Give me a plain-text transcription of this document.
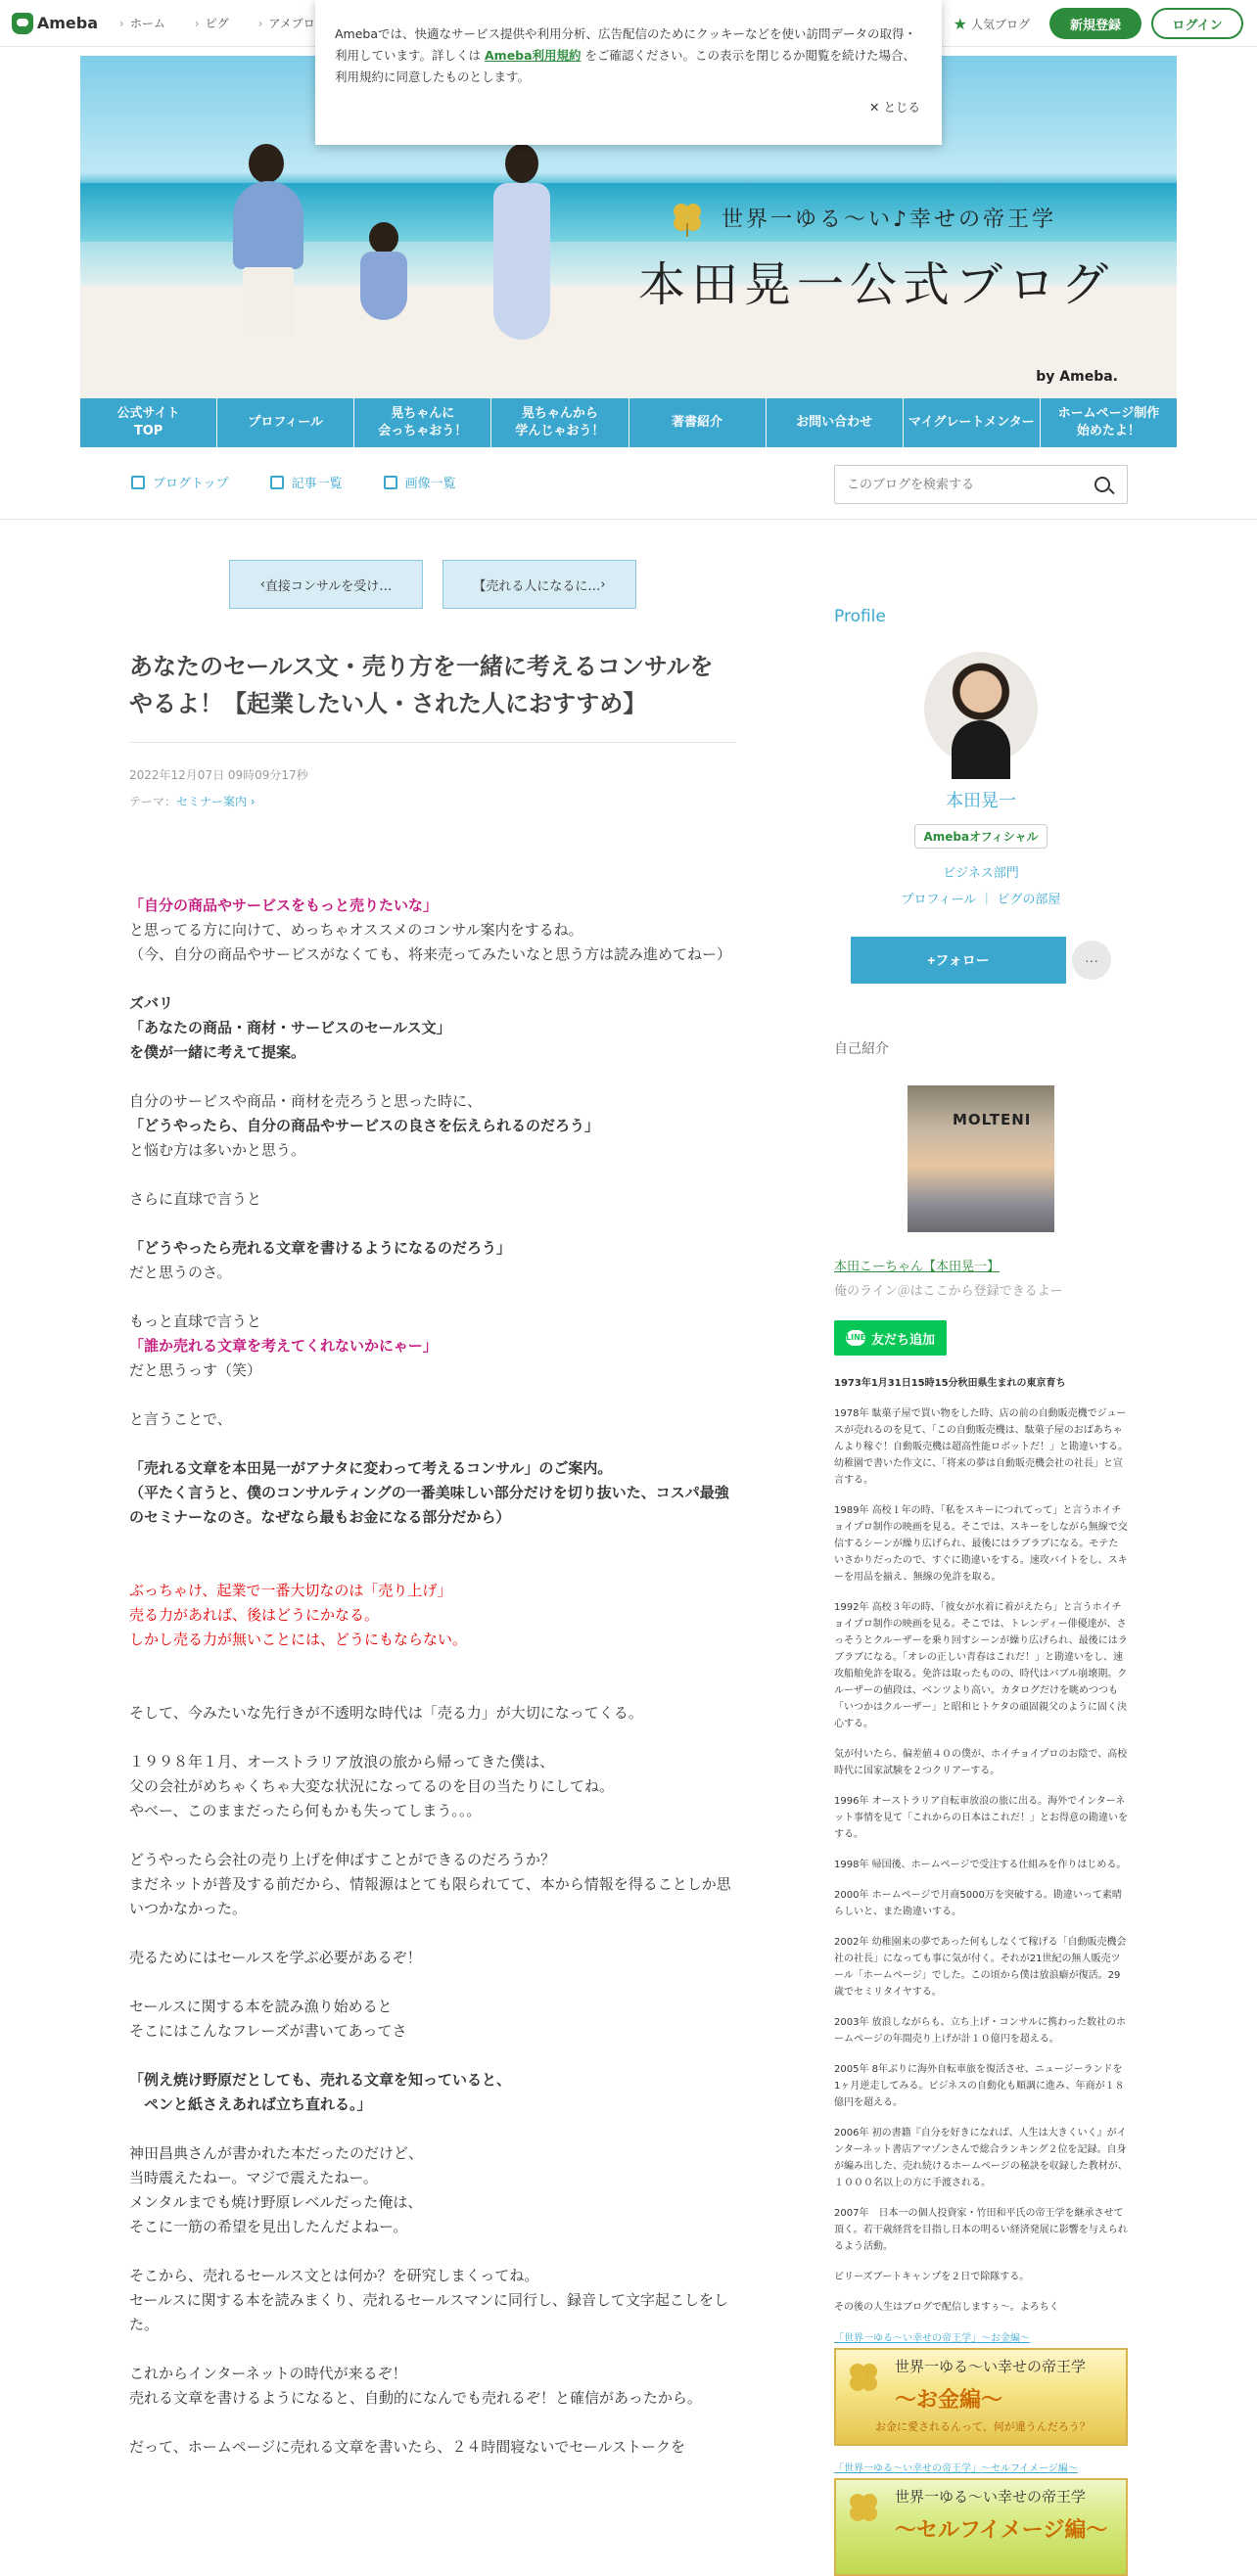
Ameba	› ホーム	› ピグ	› アメブロ	★ 人気ブログ	新規登録	ログイン

Amebaでは、快適なサービス提供や利用分析、広告配信のためにクッキーなどを使い訪問データの取得・利用しています。詳しくは Ameba利用規約 をご確認ください。この表示を閉じるか閲覧を続けた場合、利用規約に同意したものとします。

✕ とじる
世界一ゆる〜い♪幸せの帝王学
本田晃一公式ブログ
by Ameba.
公式サイト
TOP
プロフィール
晃ちゃんに
会っちゃおう！
晃ちゃんから
学んじゃおう！
著書紹介	お問い合わせ	マイグレートメンター
ホームページ制作
始めたよ！
ブログトップ	記事一覧	画像一覧
このブログを検索する
‹ 直接コンサルを受け…	【売れる人になるに… ›
あなたのセールス文・売り方を一緒に考えるコンサルをやるよ！【起業したい人・された人におすすめ】
2022年12月07日 09時09分17秒
テーマ：セミナー案内 ›

「自分の商品やサービスをもっと売りたいな」
と思ってる方に向けて、めっちゃオススメのコンサル案内をするね。
（今、自分の商品やサービスがなくても、将来売ってみたいなと思う方は読み進めてねー）

ズバリ
「あなたの商品・商材・サービスのセールス文」
を僕が一緒に考えて提案。

自分のサービスや商品・商材を売ろうと思った時に、
「どうやったら、自分の商品やサービスの良さを伝えられるのだろう」
と悩む方は多いかと思う。

さらに直球で言うと

「どうやったら売れる文章を書けるようになるのだろう」
だと思うのさ。

もっと直球で言うと
「誰か売れる文章を考えてくれないかにゃー」
だと思うっす（笑）

と言うことで、

「売れる文章を本田晃一がアナタに変わって考えるコンサル」のご案内。
（平たく言うと、僕のコンサルティングの一番美味しい部分だけを切り抜いた、コスパ最強のセミナーなのさ。なぜなら最もお金になる部分だから）

ぶっちゃけ、起業で一番大切なのは「売り上げ」
売る力があれば、後はどうにかなる。
しかし売る力が無いことには、どうにもならない。

そして、今みたいな先行きが不透明な時代は「売る力」が大切になってくる。

１９９８年１月、オーストラリア放浪の旅から帰ってきた僕は、
父の会社がめちゃくちゃ大変な状況になってるのを目の当たりにしてね。
やべー、このままだったら何もかも失ってしまう。。。

どうやったら会社の売り上げを伸ばすことができるのだろうか？
まだネットが普及する前だから、情報源はとても限られてて、本から情報を得ることしか思いつかなかった。

売るためにはセールスを学ぶ必要があるぞ！

セールスに関する本を読み漁り始めると
そこにはこんなフレーズが書いてあってさ

「例え焼け野原だとしても、売れる文章を知っていると、
　ペンと紙さえあれば立ち直れる。」

神田昌典さんが書かれた本だったのだけど、
当時震えたねー。マジで震えたねー。
メンタルまでも焼け野原レベルだった俺は、
そこに一筋の希望を見出したんだよねー。

そこから、売れるセールス文とは何か？を研究しまくってね。
セールスに関する本を読みまくり、売れるセールスマンに同行し、録音して文字起こしをした。

これからインターネットの時代が来るぞ！
売れる文章を書けるようになると、自動的になんでも売れるぞ！と確信があったから。

だって、ホームページに売れる文章を書いたら、２４時間寝ないでセールストークを

Profile
本田晃一
Amebaオフィシャル
ビジネス部門
プロフィール ｜ ピグの部屋
+フォロー	···
自己紹介
MOLTENI
本田こーちゃん【本田晃一】
俺のライン＠はここから登録できるよー
LINE 友だち追加

1973年1月31日15時15分秋田県生まれの東京育ち

1978年 駄菓子屋で買い物をした時、店の前の自動販売機でジュースが売れるのを見て、「この自動販売機は、駄菓子屋のおばあちゃんより稼ぐ！自動販売機は超高性能ロボットだ！」と勘違いする。幼稚園で書いた作文に、「将来の夢は自動販売機会社の社長」と宣言する。

1989年 高校１年の時、「私をスキーにつれてって」と言うホイチョイプロ制作の映画を見る。そこでは、スキーをしながら無線で交信するシーンが繰り広げられ、最後にはラブラブになる。モテたいさかりだったので、すぐに勘違いをする。速攻バイトをし、スキーを用品を揃え、無線の免許を取る。

1992年 高校３年の時、「彼女が水着に着がえたら」と言うホイチョイプロ制作の映画を見る。そこでは、トレンディー俳優達が、さっそうとクルーザーを乗り回すシーンが繰り広げられ、最後にはラブラブになる。「オレの正しい青春はこれだ！」と勘違いをし、速攻船舶免許を取る。免許は取ったものの、時代はバブル崩壊期。クルーザーの値段は、ベンツより高い。カタログだけを眺めつつも「いつかはクルーザー」と昭和ヒトケタの頑固親父のように固く決心する。

気が付いたら、偏差値４０の僕が、ホイチョイプロのお陰で、高校時代に国家試験を２つクリアーする。

1996年 オーストラリア自転車放浪の旅に出る。海外でインターネット事情を見て「これからの日本はこれだ！」とお得意の勘違いをする。

1998年 帰国後、ホームページで受注する仕組みを作りはじめる。

2000年 ホームページで月商5000万を突破する。勘違いって素晴らしいと、また勘違いする。

2002年 幼稚園来の夢であった何もしなくて稼げる「自動販売機会社の社長」になっても事に気が付く。それが21世紀の無人販売ツール「ホームページ」でした。この頃から僕は放浪癖が復活。29歳でセミリタイヤする。

2003年 放浪しながらも、立ち上げ・コンサルに携わった数社のホームページの年間売り上げが計１０億円を超える。

2005年 8年ぶりに海外自転車旅を復活させ、ニュージーランドを1ヶ月逆走してみる。ビジネスの自動化も順調に進み、年商が１８億円を超える。

2006年 初の書籍『自分を好きになれば、人生は大きくいく』がインターネット書店アマゾンさんで総合ランキング２位を記録。自身が編み出した、売れ続けるホームページの秘訣を収録した教材が、１０００名以上の方に手渡される。

2007年　日本一の個人投資家・竹田和平氏の帝王学を継承させて頂く。若干歳経営を目指し日本の明るい経済発展に影響を与えられるよう活動。

ビリーズブートキャンプを２日で除隊する。

その後の人生はブログで配信しますぅ～。よろちく

「世界一ゆる〜い幸せの帝王学」〜お金編〜
世界一ゆる〜い幸せの帝王学
〜お金編〜
お金に愛されるんって、何が違うんだろう？
「世界一ゆる〜い幸せの帝王学」〜セルフイメージ編〜
世界一ゆる〜い幸せの帝王学
〜セルフイメージ編〜
